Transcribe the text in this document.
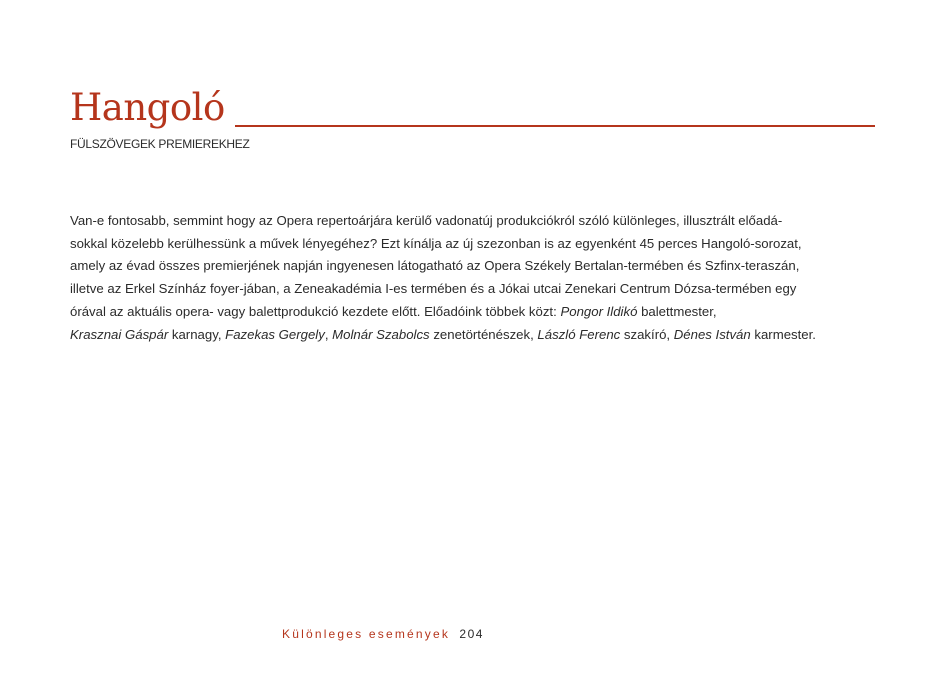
Hangoló
FÜLSZÖVEGEK PREMIEREKHEZ

Van-e fontosabb, semmint hogy az Opera repertoárjára kerülő vadonatúj produkciókról szóló különleges, illusztrált előadá-
sokkal közelebb kerülhessünk a művek lényegéhez? Ezt kínálja az új szezonban is az egyenként 45 perces Hangoló-sorozat,
amely az évad összes premierjének napján ingyenesen látogatható az Opera Székely Bertalan-termében és Szfinx-teraszán,
illetve az Erkel Színház foyer-jában, a Zeneakadémia I-es termében és a Jókai utcai Zenekari Centrum Dózsa-termében egy
órával az aktuális opera- vagy balettprodukció kezdete előtt. Előadóink többek közt: Pongor Ildikó balettmester,
Krasznai Gáspár karnagy, Fazekas Gergely, Molnár Szabolcs zenetörténészek, László Ferenc szakíró, Dénes István karmester.

Különleges események 204
